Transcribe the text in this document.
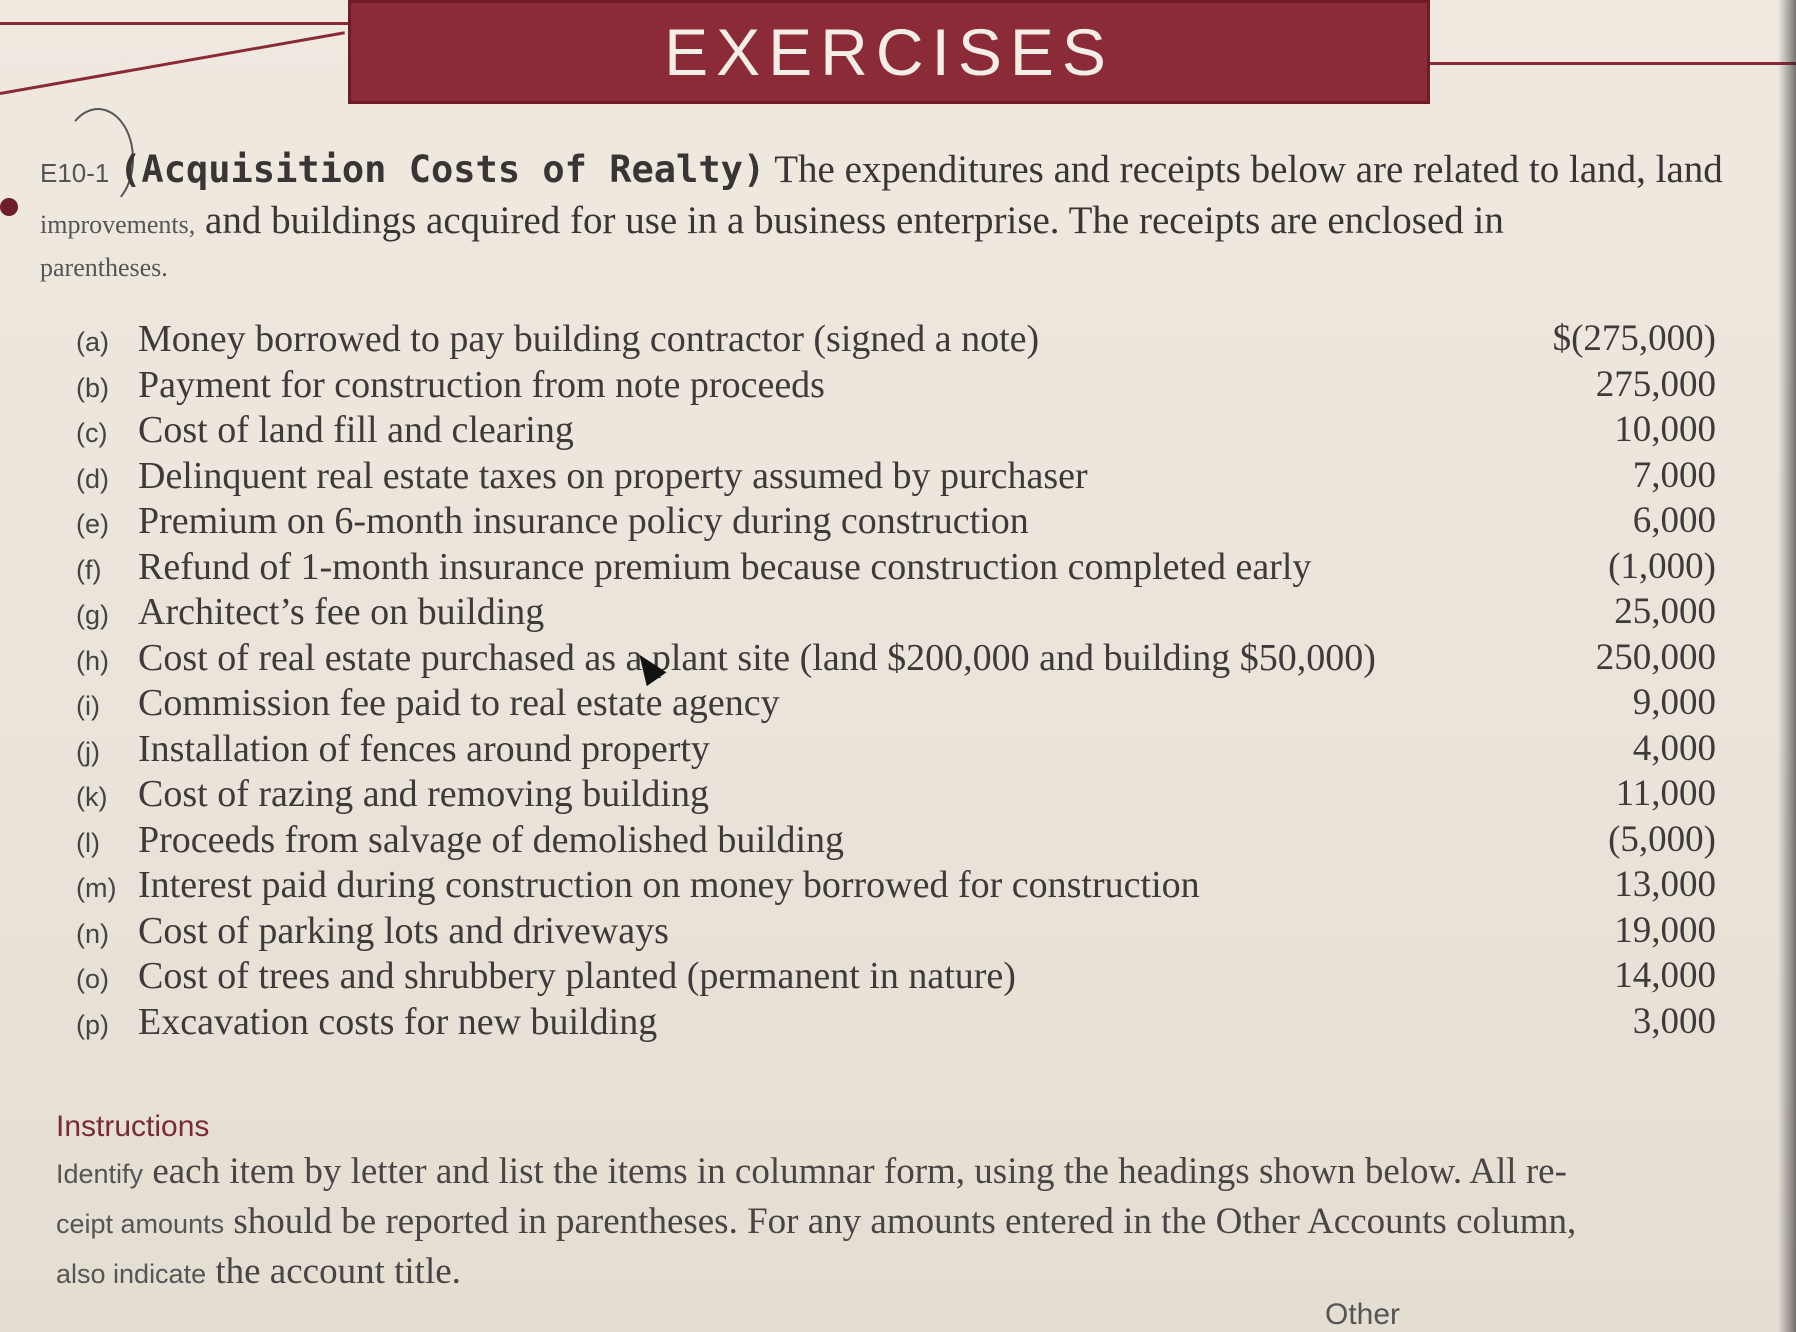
EXERCISES
E10-1 (Acquisition Costs of Realty) The expenditures and receipts below are related to land, land
improvements, and buildings acquired for use in a business enterprise. The receipts are enclosed in
parentheses.
(a) Money borrowed to pay building contractor (signed a note)	$(275,000)
(b) Payment for construction from note proceeds	275,000
(c) Cost of land fill and clearing	10,000
(d) Delinquent real estate taxes on property assumed by purchaser	7,000
(e) Premium on 6-month insurance policy during construction	6,000
(f) Refund of 1-month insurance premium because construction completed early	(1,000)
(g) Architect’s fee on building	25,000
(h) Cost of real estate purchased as a plant site (land $200,000 and building $50,000)	250,000
(i) Commission fee paid to real estate agency	9,000
(j) Installation of fences around property	4,000
(k) Cost of razing and removing building	11,000
(l) Proceeds from salvage of demolished building	(5,000)
(m) Interest paid during construction on money borrowed for construction	13,000
(n) Cost of parking lots and driveways	19,000
(o) Cost of trees and shrubbery planted (permanent in nature)	14,000
(p) Excavation costs for new building	3,000
Instructions
Identify each item by letter and list the items in columnar form, using the headings shown below. All re-
ceipt amounts should be reported in parentheses. For any amounts entered in the Other Accounts column,
also indicate the account title.
Other
